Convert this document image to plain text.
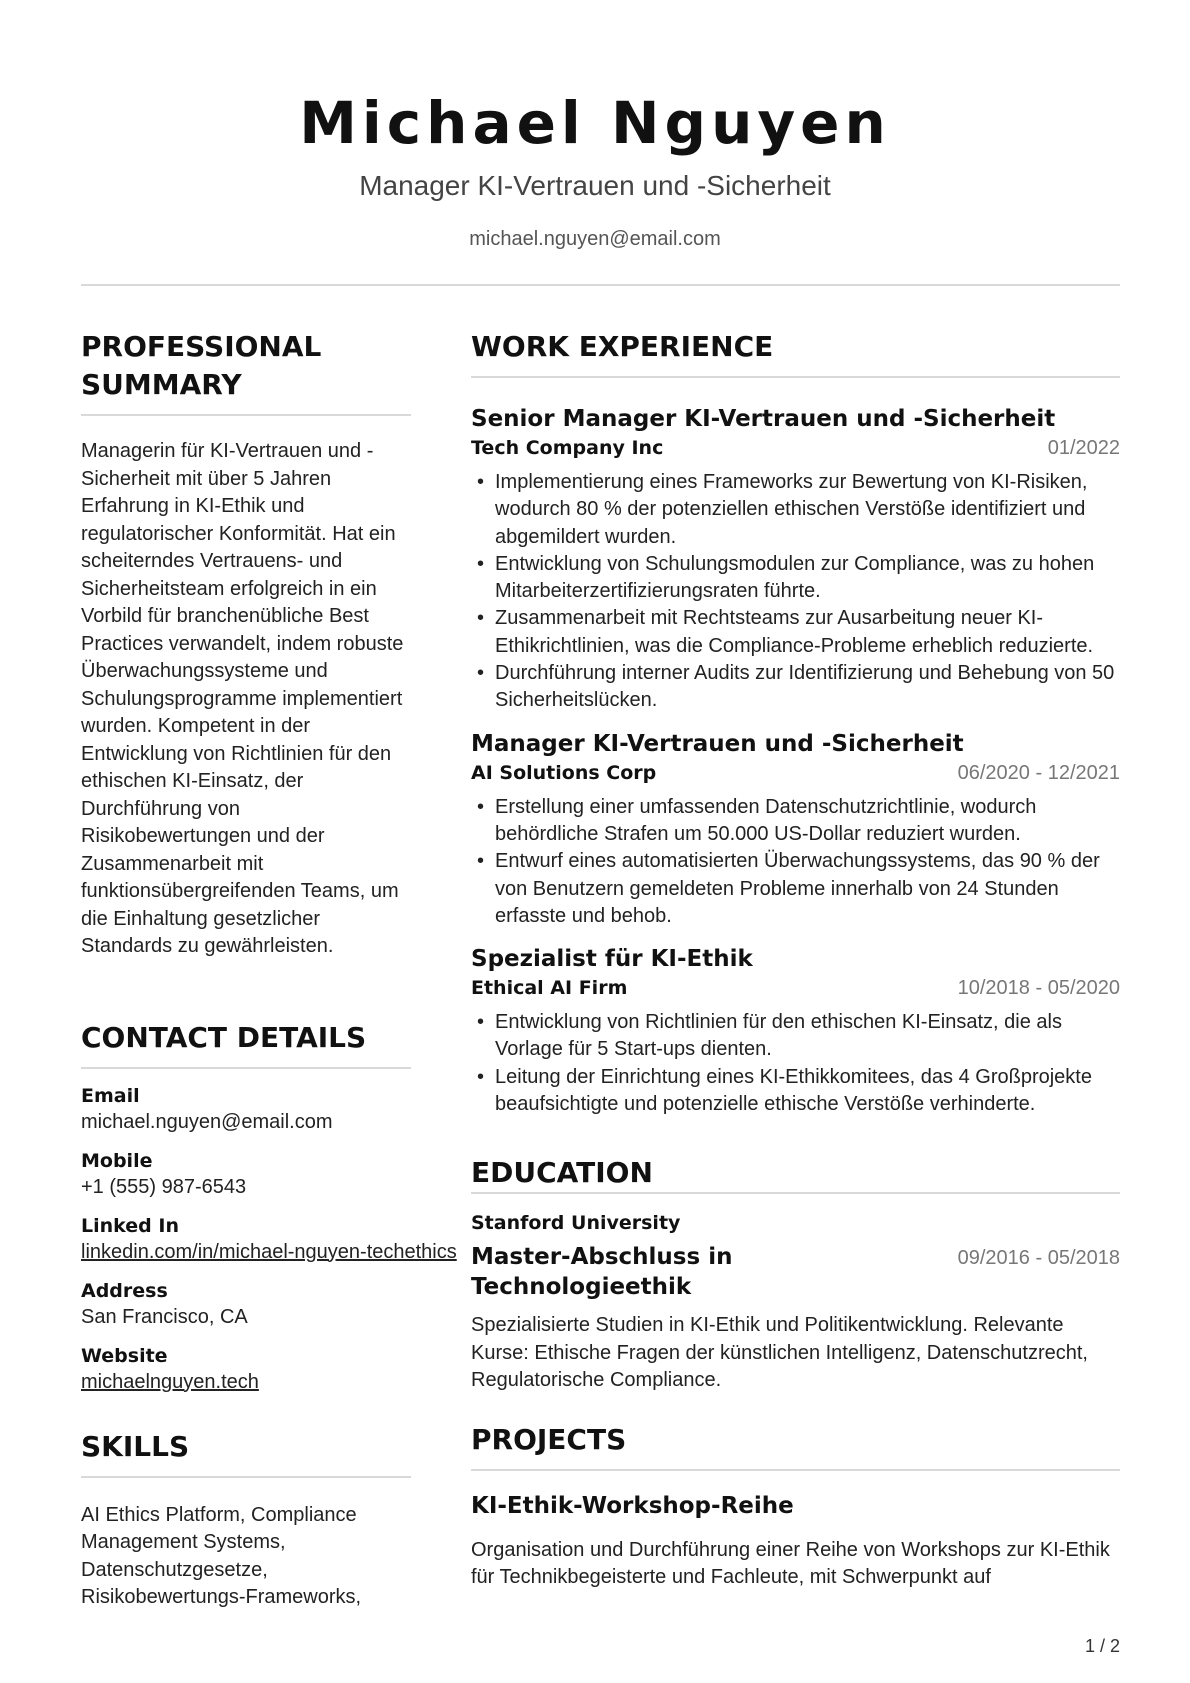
Michael Nguyen
Manager KI-Vertrauen und -Sicherheit
michael.nguyen@email.com
PROFESSIONAL SUMMARY
Managerin für KI-Vertrauen und -Sicherheit mit über 5 Jahren Erfahrung in KI-Ethik und regulatorischer Konformität. Hat ein scheiterndes Vertrauens- und Sicherheitsteam erfolgreich in ein Vorbild für branchenübliche Best Practices verwandelt, indem robuste Überwachungssysteme und Schulungsprogramme implementiert wurden. Kompetent in der Entwicklung von Richtlinien für den ethischen KI-Einsatz, der Durchführung von Risikobewertungen und der Zusammenarbeit mit funktionsübergreifenden Teams, um die Einhaltung gesetzlicher Standards zu gewährleisten.
CONTACT DETAILS
Email
michael.nguyen@email.com
Mobile
+1 (555) 987-6543
Linked In
linkedin.com/in/michael-nguyen-techethics
Address
San Francisco, CA
Website
michaelnguyen.tech
SKILLS
AI Ethics Platform, Compliance Management Systems, Datenschutzgesetze, Risikobewertungs-Frameworks,
WORK EXPERIENCE
Senior Manager KI-Vertrauen und -Sicherheit
Tech Company Inc	01/2022
• Implementierung eines Frameworks zur Bewertung von KI-Risiken, wodurch 80 % der potenziellen ethischen Verstöße identifiziert und abgemildert wurden.
• Entwicklung von Schulungsmodulen zur Compliance, was zu hohen Mitarbeiterzertifizierungsraten führte.
• Zusammenarbeit mit Rechtsteams zur Ausarbeitung neuer KI-Ethikrichtlinien, was die Compliance-Probleme erheblich reduzierte.
• Durchführung interner Audits zur Identifizierung und Behebung von 50 Sicherheitslücken.
Manager KI-Vertrauen und -Sicherheit
AI Solutions Corp	06/2020 - 12/2021
• Erstellung einer umfassenden Datenschutzrichtlinie, wodurch behördliche Strafen um 50.000 US-Dollar reduziert wurden.
• Entwurf eines automatisierten Überwachungssystems, das 90 % der von Benutzern gemeldeten Probleme innerhalb von 24 Stunden erfasste und behob.
Spezialist für KI-Ethik
Ethical AI Firm	10/2018 - 05/2020
• Entwicklung von Richtlinien für den ethischen KI-Einsatz, die als Vorlage für 5 Start-ups dienten.
• Leitung der Einrichtung eines KI-Ethikkomitees, das 4 Großprojekte beaufsichtigte und potenzielle ethische Verstöße verhinderte.
EDUCATION
Stanford University
Master-Abschluss in Technologieethik
09/2016 - 05/2018
Spezialisierte Studien in KI-Ethik und Politikentwicklung. Relevante Kurse: Ethische Fragen der künstlichen Intelligenz, Datenschutzrecht, Regulatorische Compliance.
PROJECTS
KI-Ethik-Workshop-Reihe
Organisation und Durchführung einer Reihe von Workshops zur KI-Ethik für Technikbegeisterte und Fachleute, mit Schwerpunkt auf
1 / 2
